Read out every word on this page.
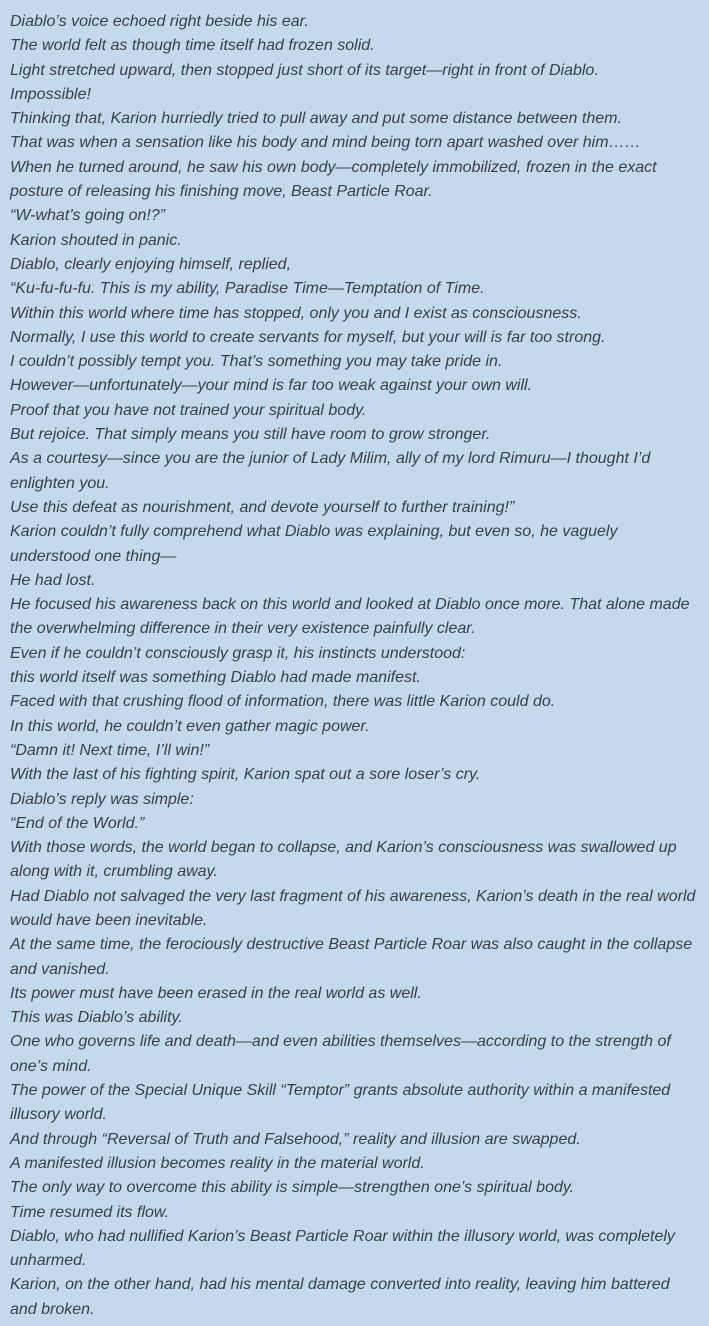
Diablo’s voice echoed right beside his ear.

The world felt as though time itself had frozen solid.

Light stretched upward, then stopped just short of its target—right in front of Diablo.

Impossible!

Thinking that, Karion hurriedly tried to pull away and put some distance between them.

That was when a sensation like his body and mind being torn apart washed over him……

When he turned around, he saw his own body—completely immobilized, frozen in the exact posture of releasing his finishing move, Beast Particle Roar.

“W-what’s going on!?”

Karion shouted in panic.

Diablo, clearly enjoying himself, replied,

“Ku-fu-fu-fu. This is my ability, Paradise Time—Temptation of Time.

Within this world where time has stopped, only you and I exist as consciousness.

Normally, I use this world to create servants for myself, but your will is far too strong.

I couldn’t possibly tempt you. That’s something you may take pride in.

However—unfortunately—your mind is far too weak against your own will.

Proof that you have not trained your spiritual body.

But rejoice. That simply means you still have room to grow stronger.

As a courtesy—since you are the junior of Lady Milim, ally of my lord Rimuru—I thought I’d enlighten you.

Use this defeat as nourishment, and devote yourself to further training!”

Karion couldn’t fully comprehend what Diablo was explaining, but even so, he vaguely understood one thing—

He had lost.

He focused his awareness back on this world and looked at Diablo once more. That alone made the overwhelming difference in their very existence painfully clear.

Even if he couldn’t consciously grasp it, his instincts understood:

this world itself was something Diablo had made manifest.

Faced with that crushing flood of information, there was little Karion could do.

In this world, he couldn’t even gather magic power.

“Damn it! Next time, I’ll win!”

With the last of his fighting spirit, Karion spat out a sore loser’s cry.

Diablo’s reply was simple:

“End of the World.”

With those words, the world began to collapse, and Karion’s consciousness was swallowed up along with it, crumbling away.

Had Diablo not salvaged the very last fragment of his awareness, Karion’s death in the real world would have been inevitable.

At the same time, the ferociously destructive Beast Particle Roar was also caught in the collapse and vanished.

Its power must have been erased in the real world as well.

This was Diablo’s ability.

One who governs life and death—and even abilities themselves—according to the strength of one’s mind.

The power of the Special Unique Skill “Temptor” grants absolute authority within a manifested illusory world.

And through “Reversal of Truth and Falsehood,” reality and illusion are swapped.

A manifested illusion becomes reality in the material world.

The only way to overcome this ability is simple—strengthen one’s spiritual body.

Time resumed its flow.

Diablo, who had nullified Karion’s Beast Particle Roar within the illusory world, was completely unharmed.

Karion, on the other hand, had his mental damage converted into reality, leaving him battered and broken.
